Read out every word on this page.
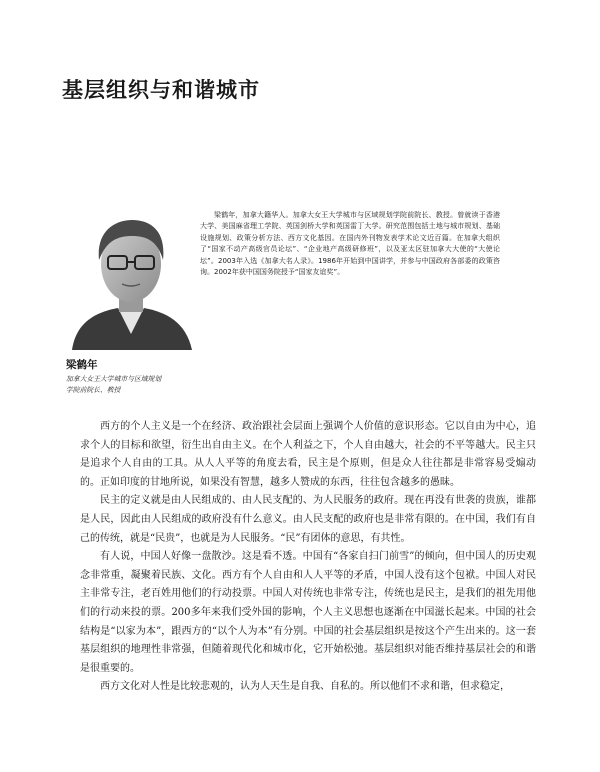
基层组织与和谐城市
梁鹤年，加拿大籍华人。加拿大女王大学城市与区域规划学院前院长、教授。曾就读于香港大学、美国麻省理工学院、英国剑桥大学和英国雷丁大学。研究范围包括土地与城市规划、基础设施规划、政策分析方法、西方文化基因。在国内外刊物发表学术论文近百篇。在加拿大组织了“国家不动产高级官员论坛”、“企业地产高级研修班”，以及亚太区驻加拿大大使的“大使论坛”。2003年入选《加拿大名人录》。1986年开始到中国讲学，并参与中国政府各部委的政策咨询。2002年获中国国务院授予“国家友谊奖”。
梁鹤年
加拿大女王大学城市与区域规划
学院前院长、教授

西方的个人主义是一个在经济、政治跟社会层面上强调个人价值的意识形态。它以自由为中心，追求个人的目标和欲望，衍生出自由主义。在个人利益之下，个人自由越大，社会的不平等越大。民主只是追求个人自由的工具。从人人平等的角度去看，民主是个原则，但是众人往往都是非常容易受煽动的。正如印度的甘地所说，如果没有智慧，越多人赞成的东西，往往包含越多的愚昧。

民主的定义就是由人民组成的、由人民支配的、为人民服务的政府。现在再没有世袭的贵族，谁都是人民，因此由人民组成的政府没有什么意义。由人民支配的政府也是非常有限的。在中国，我们有自己的传统，就是“民贵”，也就是为人民服务。“民”有团体的意思，有共性。

有人说，中国人好像一盘散沙。这是看不透。中国有“各家自扫门前雪”的倾向，但中国人的历史观念非常重，凝聚着民族、文化。西方有个人自由和人人平等的矛盾，中国人没有这个包袱。中国人对民主非常专注，老百姓用他们的行动投票。中国人对传统也非常专注，传统也是民主，是我们的祖先用他们的行动来投的票。200多年来我们受外国的影响，个人主义思想也逐渐在中国滋长起来。中国的社会结构是“以家为本”，跟西方的“以个人为本”有分别。中国的社会基层组织是按这个产生出来的。这一套基层组织的地理性非常强，但随着现代化和城市化，它开始松弛。基层组织对能否维持基层社会的和谐是很重要的。

西方文化对人性是比较悲观的，认为人天生是自我、自私的。所以他们不求和谐，但求稳定，
